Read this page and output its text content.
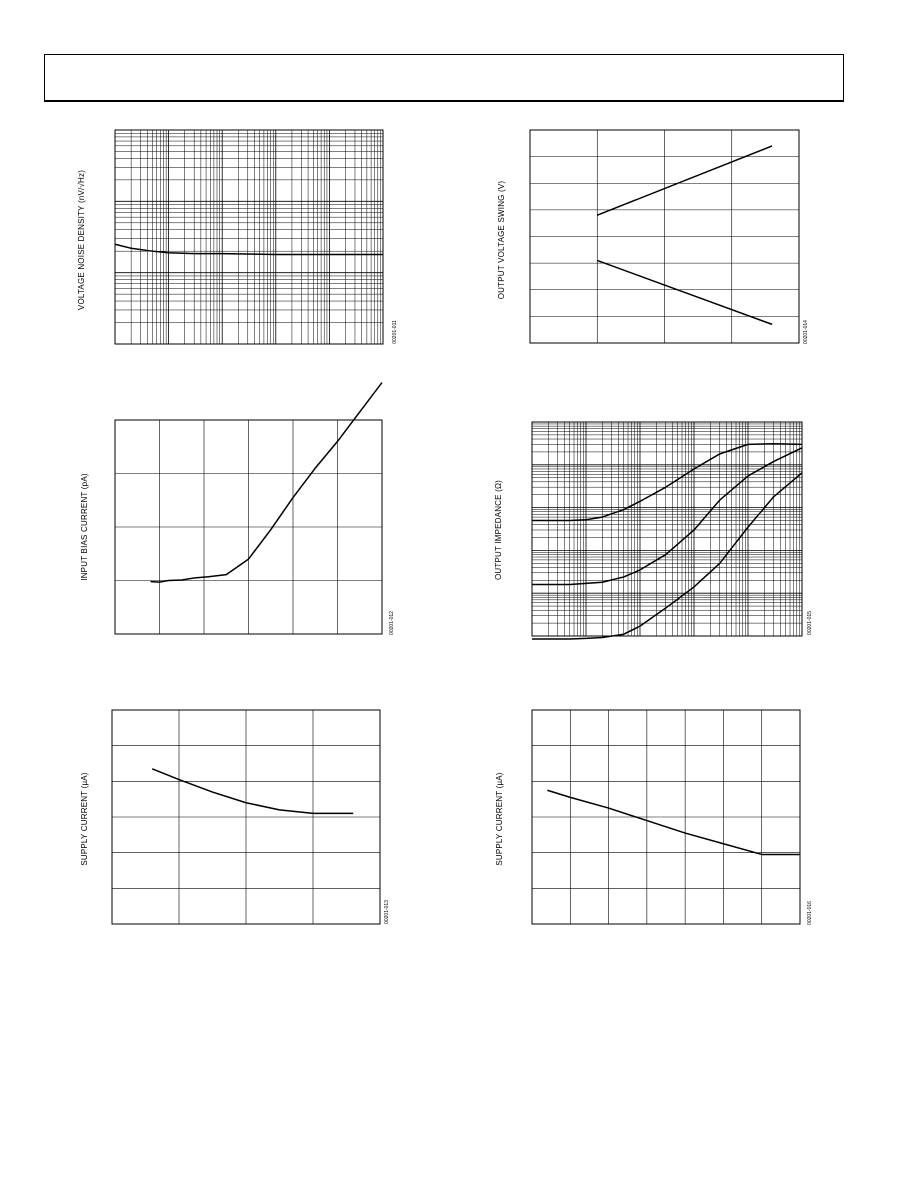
VOLTAGE NOISE DENSITY (nV/√Hz)
00201-011
OUTPUT VOLTAGE SWING (V)
00201-014
INPUT BIAS CURRENT (pA)
00201-012
OUTPUT IMPEDANCE (Ω)
00201-015
SUPPLY CURRENT (µA)
00201-013
SUPPLY CURRENT (µA)
00201-016
